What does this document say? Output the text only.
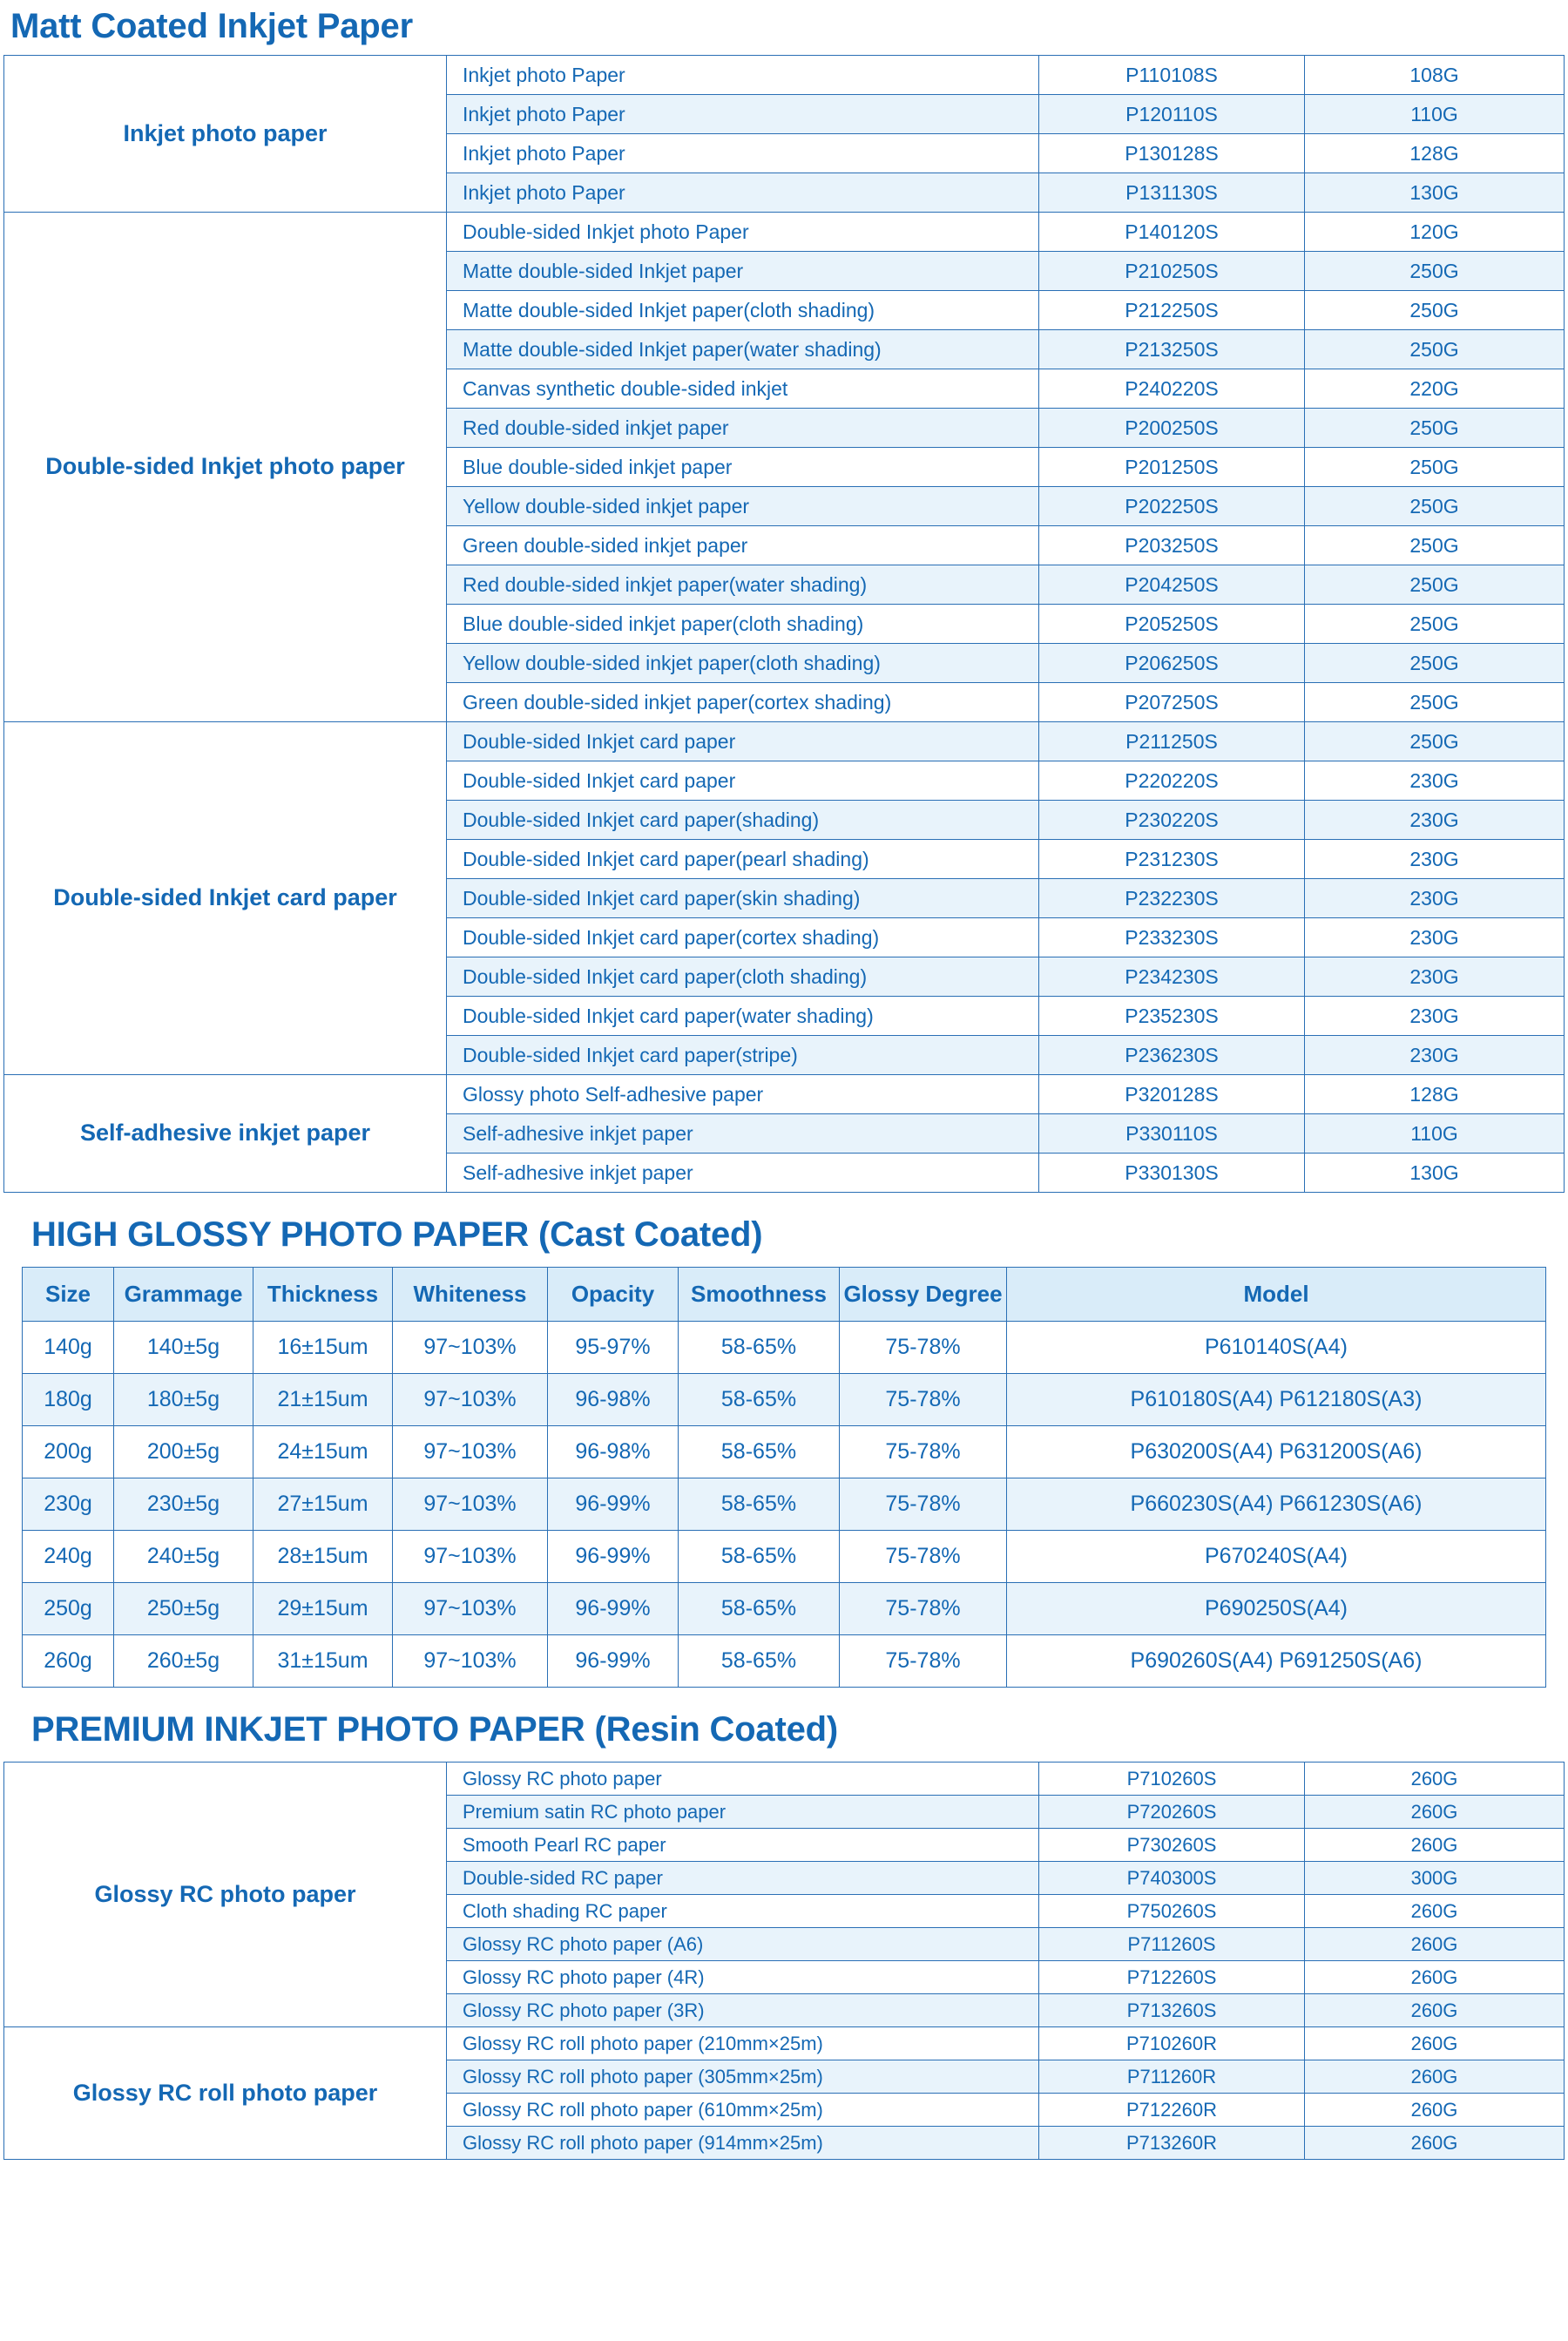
Matt Coated Inkjet Paper
Inkjet photo paper	Inkjet photo Paper	P110108S	108G
	Inkjet photo Paper	P120110S	110G
	Inkjet photo Paper	P130128S	128G
	Inkjet photo Paper	P131130S	130G
Double-sided Inkjet photo paper	Double-sided Inkjet photo Paper	P140120S	120G
	Matte double-sided Inkjet paper	P210250S	250G
	Matte double-sided Inkjet paper(cloth shading)	P212250S	250G
	Matte double-sided Inkjet paper(water shading)	P213250S	250G
	Canvas synthetic double-sided inkjet	P240220S	220G
	Red double-sided inkjet paper	P200250S	250G
	Blue double-sided inkjet paper	P201250S	250G
	Yellow double-sided inkjet paper	P202250S	250G
	Green double-sided inkjet paper	P203250S	250G
	Red double-sided inkjet paper(water shading)	P204250S	250G
	Blue double-sided inkjet paper(cloth shading)	P205250S	250G
	Yellow double-sided inkjet paper(cloth shading)	P206250S	250G
	Green double-sided inkjet paper(cortex shading)	P207250S	250G
Double-sided Inkjet card paper	Double-sided Inkjet card paper	P211250S	250G
	Double-sided Inkjet card paper	P220220S	230G
	Double-sided Inkjet card paper(shading)	P230220S	230G
	Double-sided Inkjet card paper(pearl shading)	P231230S	230G
	Double-sided Inkjet card paper(skin shading)	P232230S	230G
	Double-sided Inkjet card paper(cortex shading)	P233230S	230G
	Double-sided Inkjet card paper(cloth shading)	P234230S	230G
	Double-sided Inkjet card paper(water shading)	P235230S	230G
	Double-sided Inkjet card paper(stripe)	P236230S	230G
Self-adhesive inkjet paper	Glossy photo Self-adhesive paper	P320128S	128G
	Self-adhesive inkjet paper	P330110S	110G
	Self-adhesive inkjet paper	P330130S	130G
HIGH GLOSSY PHOTO PAPER (Cast Coated)
Size	Grammage	Thickness	Whiteness	Opacity	Smoothness	Glossy Degree	Model
140g	140±5g	16±15um	97~103%	95-97%	58-65%	75-78%	P610140S(A4)
180g	180±5g	21±15um	97~103%	96-98%	58-65%	75-78%	P610180S(A4) P612180S(A3)
200g	200±5g	24±15um	97~103%	96-98%	58-65%	75-78%	P630200S(A4) P631200S(A6)
230g	230±5g	27±15um	97~103%	96-99%	58-65%	75-78%	P660230S(A4) P661230S(A6)
240g	240±5g	28±15um	97~103%	96-99%	58-65%	75-78%	P670240S(A4)
250g	250±5g	29±15um	97~103%	96-99%	58-65%	75-78%	P690250S(A4)
260g	260±5g	31±15um	97~103%	96-99%	58-65%	75-78%	P690260S(A4) P691250S(A6)
PREMIUM INKJET PHOTO PAPER (Resin Coated)
Glossy RC photo paper	Glossy RC photo paper	P710260S	260G
	Premium satin RC photo paper	P720260S	260G
	Smooth Pearl RC paper	P730260S	260G
	Double-sided RC paper	P740300S	300G
	Cloth shading RC paper	P750260S	260G
	Glossy RC photo paper (A6)	P711260S	260G
	Glossy RC photo paper (4R)	P712260S	260G
	Glossy RC photo paper (3R)	P713260S	260G
Glossy RC roll photo paper	Glossy RC roll photo paper (210mm×25m)	P710260R	260G
	Glossy RC roll photo paper (305mm×25m)	P711260R	260G
	Glossy RC roll photo paper (610mm×25m)	P712260R	260G
	Glossy RC roll photo paper (914mm×25m)	P713260R	260G
